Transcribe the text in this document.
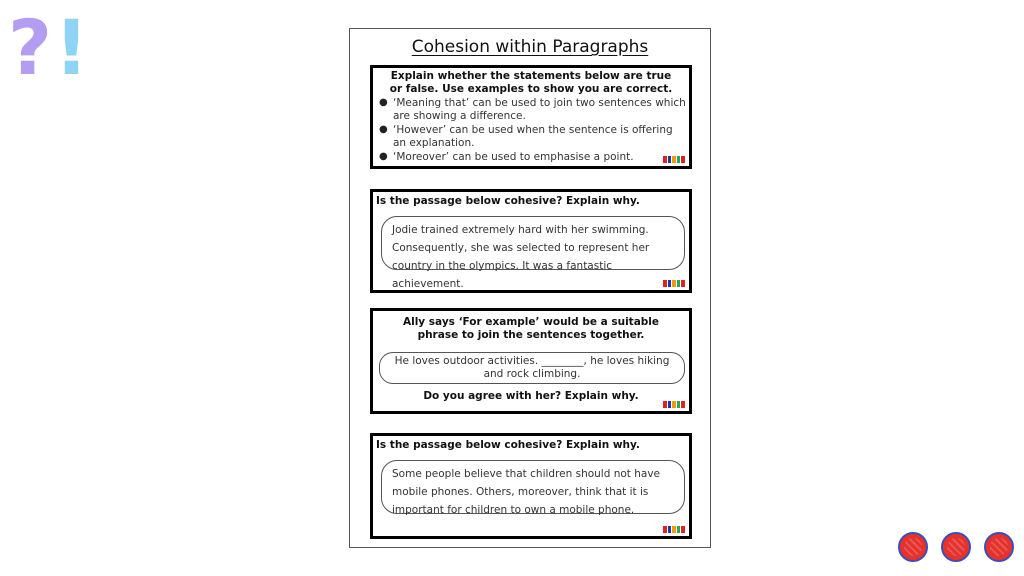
? !	Cohesion within Paragraphs
Explain whether the statements below are true or false. Use examples to show you are correct.
● ‘Meaning that’ can be used to join two sentences which are showing a difference.
● ‘However’ can be used when the sentence is offering an explanation.
● ‘Moreover’ can be used to emphasise a point.
Is the passage below cohesive? Explain why.
Jodie trained extremely hard with her swimming. Consequently, she was selected to represent her country in the olympics. It was a fantastic achievement.
Ally says ‘For example’ would be a suitable phrase to join the sentences together.
He loves outdoor activities. ________, he loves hiking and rock climbing.
Do you agree with her? Explain why.
Is the passage below cohesive? Explain why.
Some people believe that children should not have mobile phones. Others, moreover, think that it is important for children to own a mobile phone.
